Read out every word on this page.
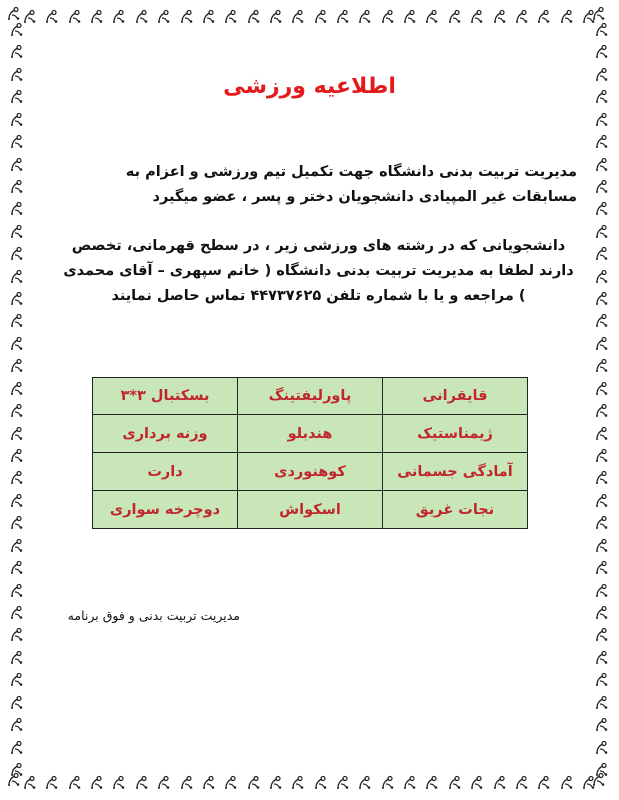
اطلاعیه ورزشی
مدیریت تربیت بدنی دانشگاه جهت تکمیل تیم ورزشی و اعزام به مسابقات غیر المپیادی دانشجویان دختر و پسر ، عضو میگیرد
دانشجویانی که در رشته های ورزشی زیر ، در سطح قهرمانی، تخصص دارند لطفا به مدیریت تربیت بدنی دانشگاه ( خانم سپهری – آقای محمدی ) مراجعه و یا با شماره تلفن ۴۴۷۳۷۶۲۵ تماس حاصل نمایند
قایقرانی	پاورلیفتینگ	بسکتبال ۳*۳
ژیمناستیک	هندبلو	وزنه برداری
آمادگی جسمانی	کوهنوردی	دارت
نجات غریق	اسکواش	دوچرخه سواری
مدیریت تربیت بدنی و فوق برنامه
